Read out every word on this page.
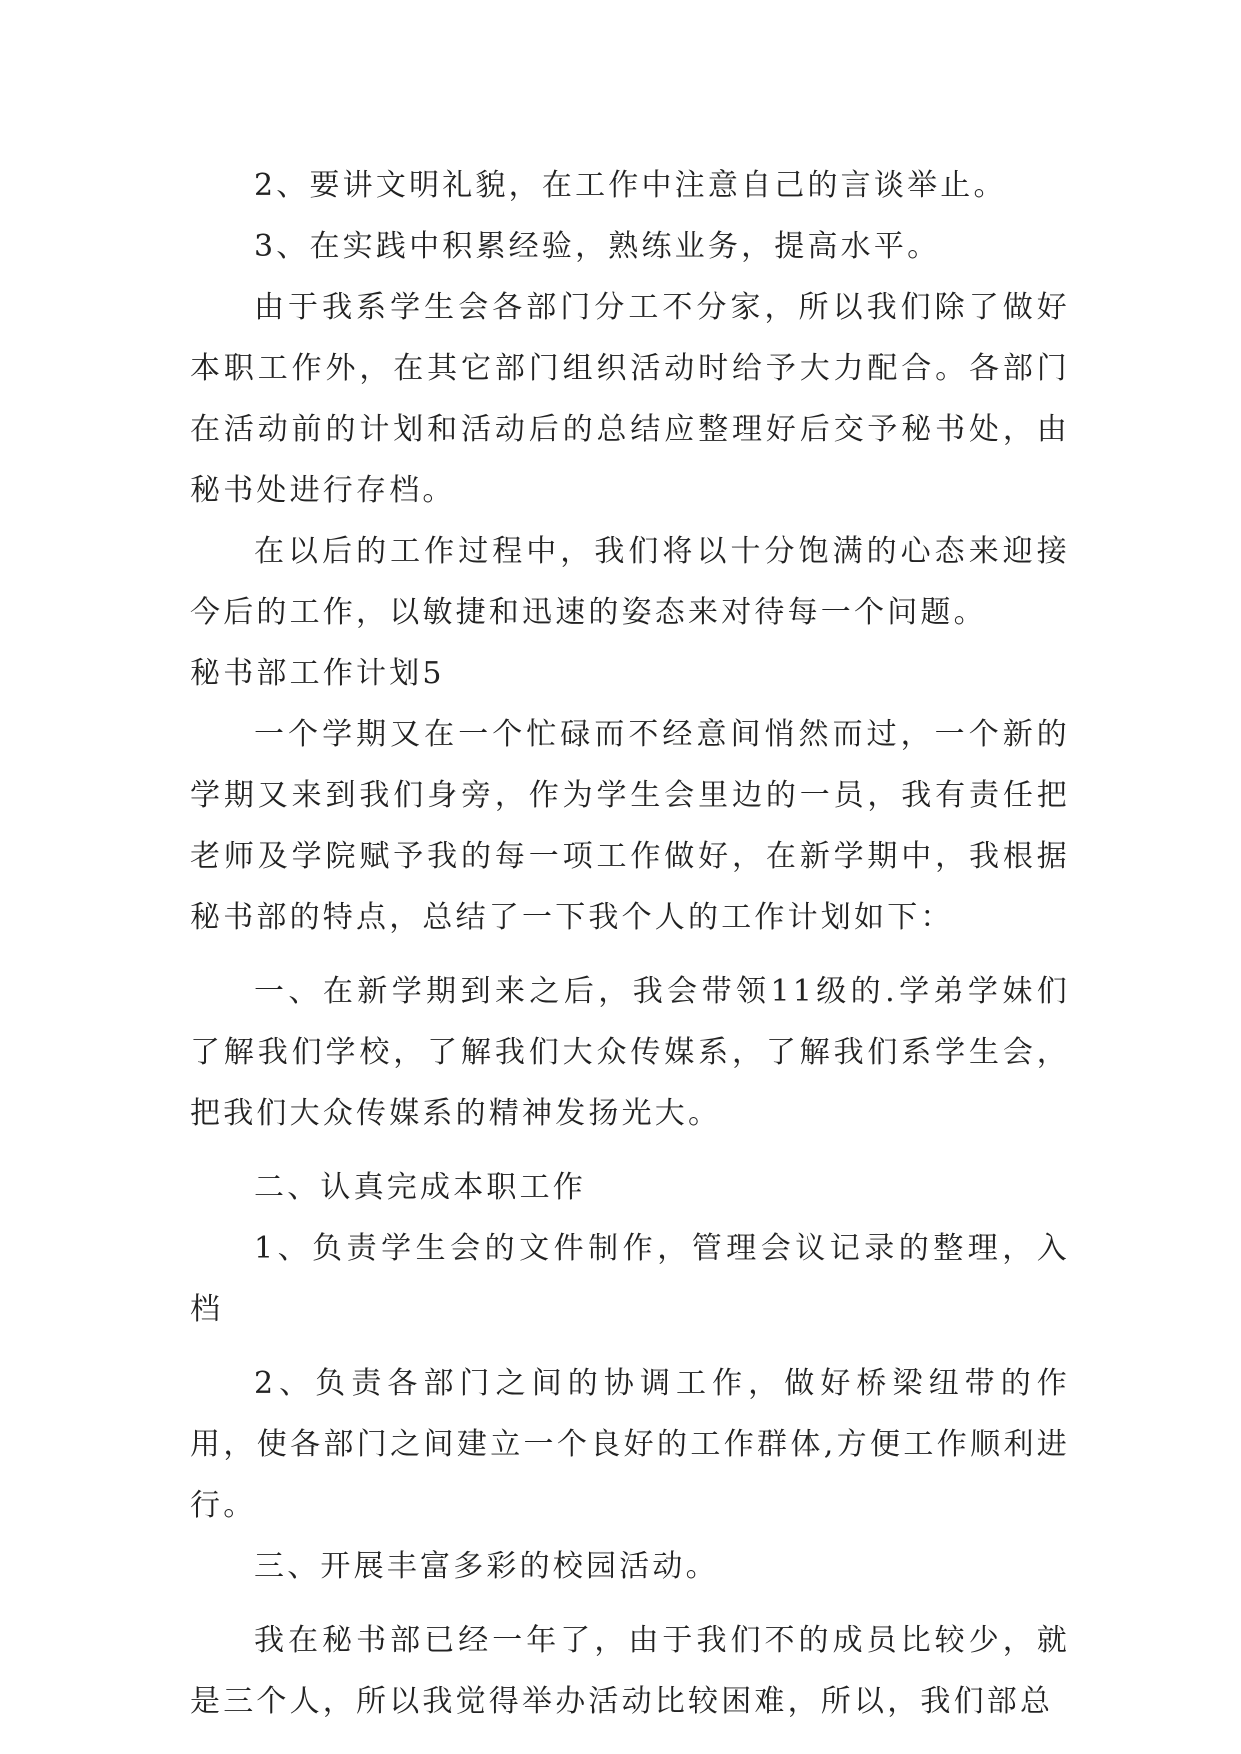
2、要讲文明礼貌，在工作中注意自己的言谈举止。

3、在实践中积累经验，熟练业务，提高水平。

由于我系学生会各部门分工不分家，所以我们除了做好本职工作外，在其它部门组织活动时给予大力配合。各部门在活动前的计划和活动后的总结应整理好后交予秘书处，由秘书处进行存档。

在以后的工作过程中，我们将以十分饱满的心态来迎接今后的工作，以敏捷和迅速的姿态来对待每一个问题。

秘书部工作计划5

一个学期又在一个忙碌而不经意间悄然而过，一个新的学期又来到我们身旁，作为学生会里边的一员，我有责任把老师及学院赋予我的每一项工作做好，在新学期中，我根据秘书部的特点，总结了一下我个人的工作计划如下：

一、在新学期到来之后，我会带领11级的.学弟学妹们了解我们学校，了解我们大众传媒系，了解我们系学生会，把我们大众传媒系的精神发扬光大。

二、认真完成本职工作

1、负责学生会的文件制作，管理会议记录的整理，入档

2、负责各部门之间的协调工作，做好桥梁纽带的作用，使各部门之间建立一个良好的工作群体,方便工作顺利进行。

三、开展丰富多彩的校园活动。

我在秘书部已经一年了，由于我们不的成员比较少，就是三个人，所以我觉得举办活动比较困难，所以，我们部总
